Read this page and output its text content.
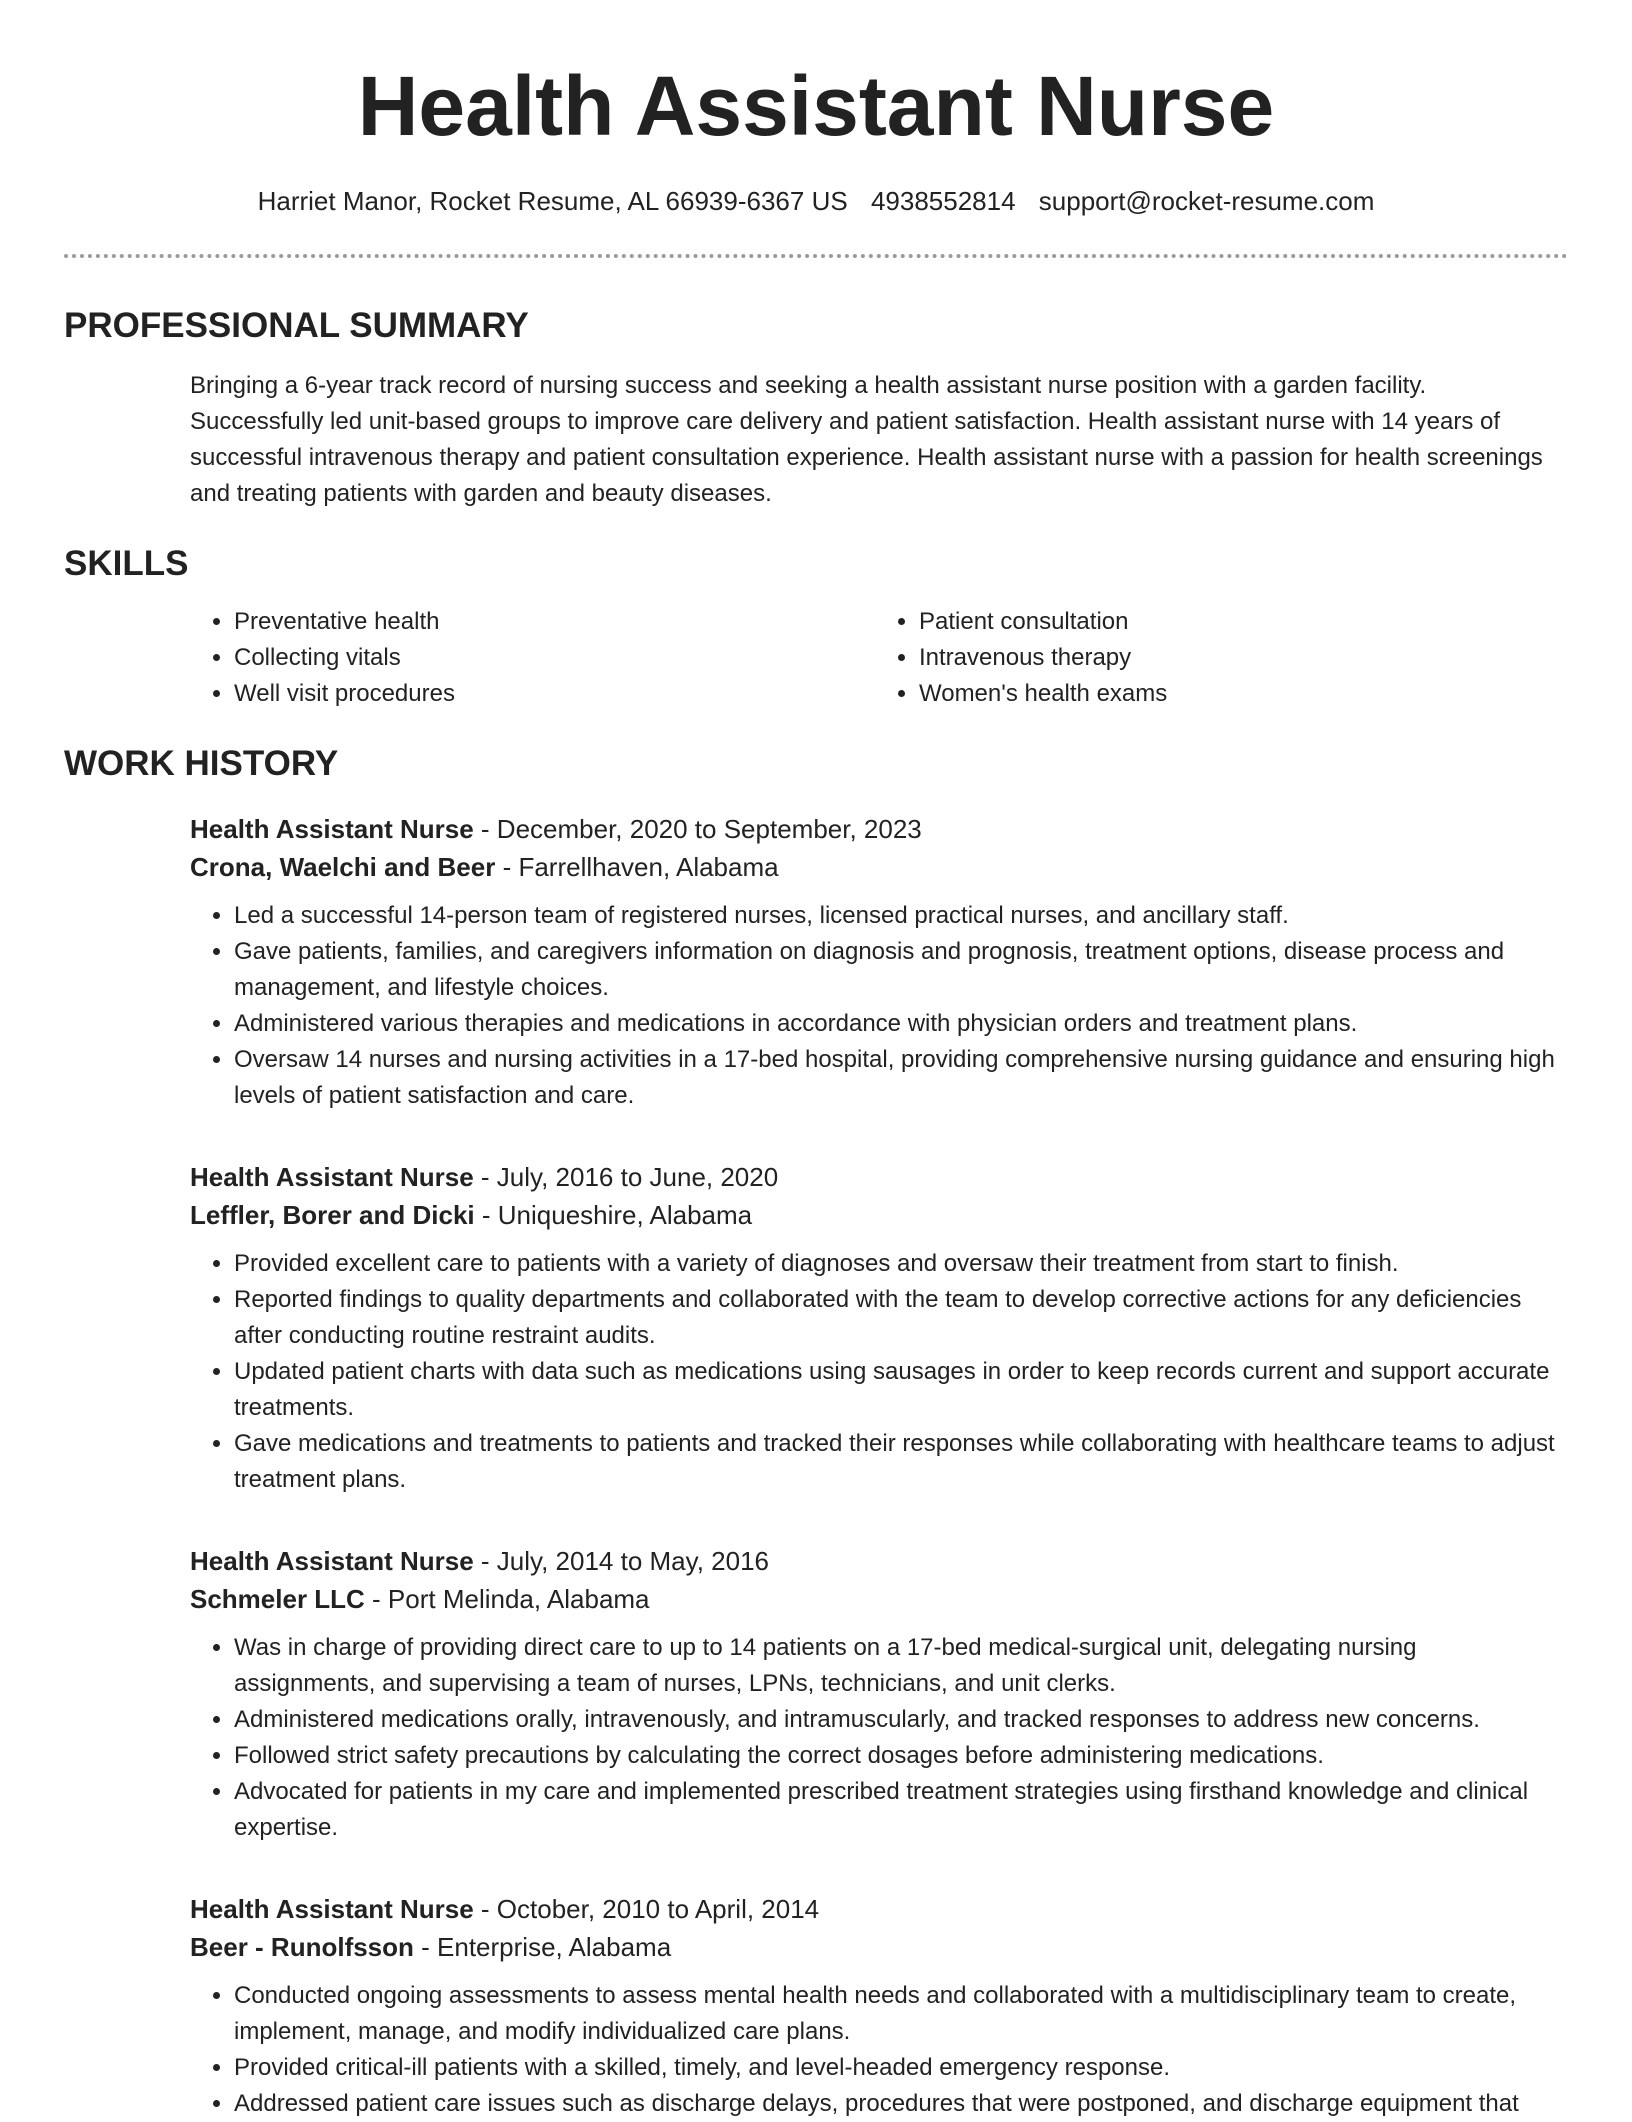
Health Assistant Nurse
Harriet Manor, Rocket Resume, AL 66939-6367 US 4938552814 support@rocket-resume.com
PROFESSIONAL SUMMARY

Bringing a 6-year track record of nursing success and seeking a health assistant nurse position with a garden facility. Successfully led unit-based groups to improve care delivery and patient satisfaction. Health assistant nurse with 14 years of successful intravenous therapy and patient consultation experience. Health assistant nurse with a passion for health screenings and treating patients with garden and beauty diseases.

SKILLS
• Preventative health
• Collecting vitals
• Well visit procedures
• Patient consultation
• Intravenous therapy
• Women's health exams
WORK HISTORY
Health Assistant Nurse - December, 2020 to September, 2023
Crona, Waelchi and Beer - Farrellhaven, Alabama
• Led a successful 14-person team of registered nurses, licensed practical nurses, and ancillary staff.
• Gave patients, families, and caregivers information on diagnosis and prognosis, treatment options, disease process and management, and lifestyle choices.
• Administered various therapies and medications in accordance with physician orders and treatment plans.
• Oversaw 14 nurses and nursing activities in a 17-bed hospital, providing comprehensive nursing guidance and ensuring high levels of patient satisfaction and care.
Health Assistant Nurse - July, 2016 to June, 2020
Leffler, Borer and Dicki - Uniqueshire, Alabama
• Provided excellent care to patients with a variety of diagnoses and oversaw their treatment from start to finish.
• Reported findings to quality departments and collaborated with the team to develop corrective actions for any deficiencies after conducting routine restraint audits.
• Updated patient charts with data such as medications using sausages in order to keep records current and support accurate treatments.
• Gave medications and treatments to patients and tracked their responses while collaborating with healthcare teams to adjust treatment plans.
Health Assistant Nurse - July, 2014 to May, 2016
Schmeler LLC - Port Melinda, Alabama
• Was in charge of providing direct care to up to 14 patients on a 17-bed medical-surgical unit, delegating nursing assignments, and supervising a team of nurses, LPNs, technicians, and unit clerks.
• Administered medications orally, intravenously, and intramuscularly, and tracked responses to address new concerns.
• Followed strict safety precautions by calculating the correct dosages before administering medications.
• Advocated for patients in my care and implemented prescribed treatment strategies using firsthand knowledge and clinical expertise.
Health Assistant Nurse - October, 2010 to April, 2014
Beer - Runolfsson - Enterprise, Alabama
• Conducted ongoing assessments to assess mental health needs and collaborated with a multidisciplinary team to create, implement, manage, and modify individualized care plans.
• Provided critical-ill patients with a skilled, timely, and level-headed emergency response.
• Addressed patient care issues such as discharge delays, procedures that were postponed, and discharge equipment that
